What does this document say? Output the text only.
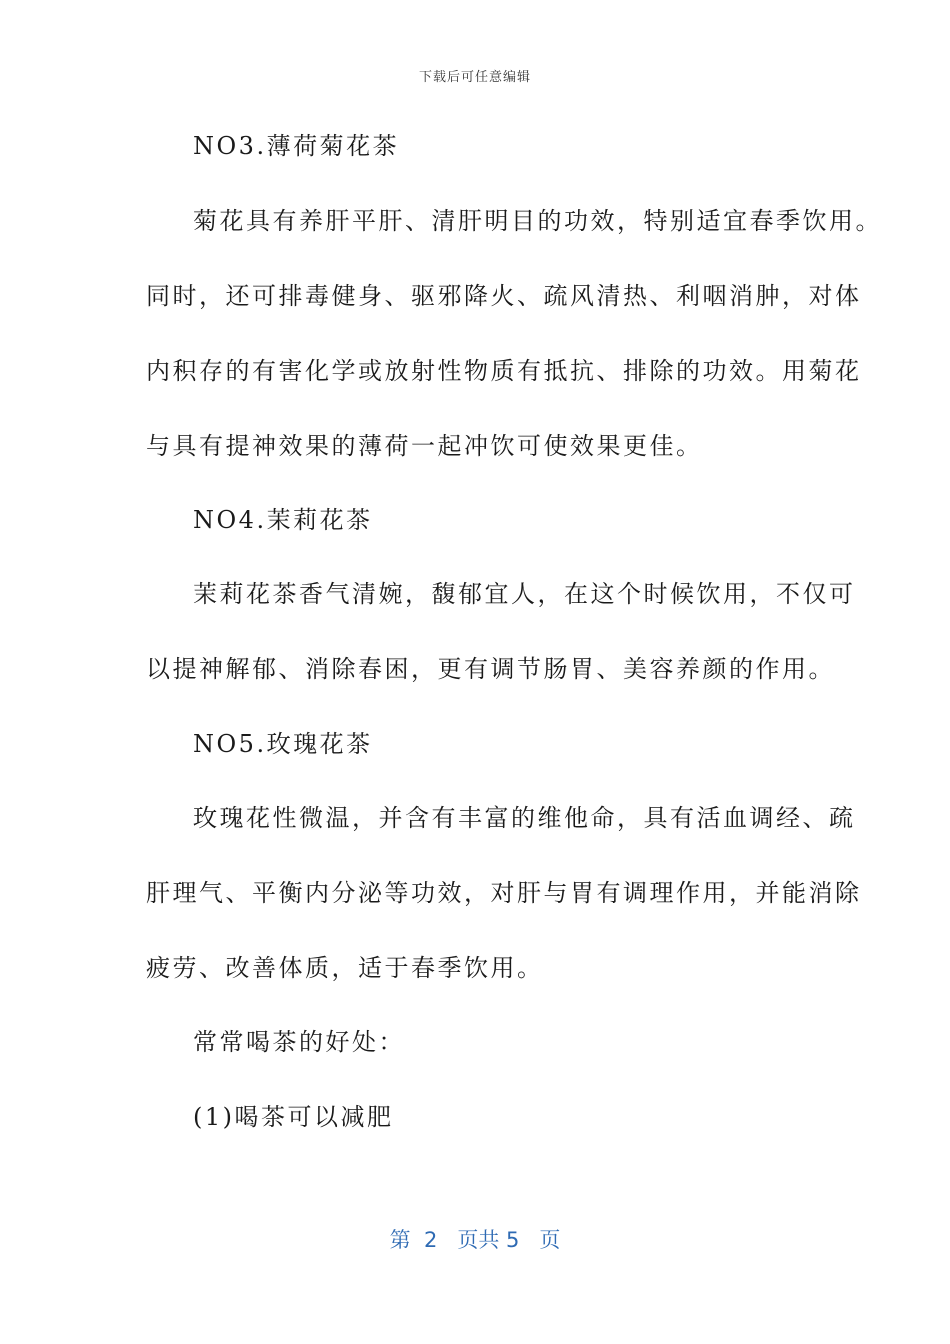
下载后可任意编辑
NO3.薄荷菊花茶
菊花具有养肝平肝、清肝明目的功效，特别适宜春季饮用。
同时，还可排毒健身、驱邪降火、疏风清热、利咽消肿，对体
内积存的有害化学或放射性物质有抵抗、排除的功效。用菊花
与具有提神效果的薄荷一起冲饮可使效果更佳。
NO4.茉莉花茶
茉莉花茶香气清婉，馥郁宜人，在这个时候饮用，不仅可
以提神解郁、消除春困，更有调节肠胃、美容养颜的作用。
NO5.玫瑰花茶
玫瑰花性微温，并含有丰富的维他命，具有活血调经、疏
肝理气、平衡内分泌等功效，对肝与胃有调理作用，并能消除
疲劳、改善体质，适于春季饮用。
常常喝茶的好处：
(1)喝茶可以减肥
第  2   页共 5   页
